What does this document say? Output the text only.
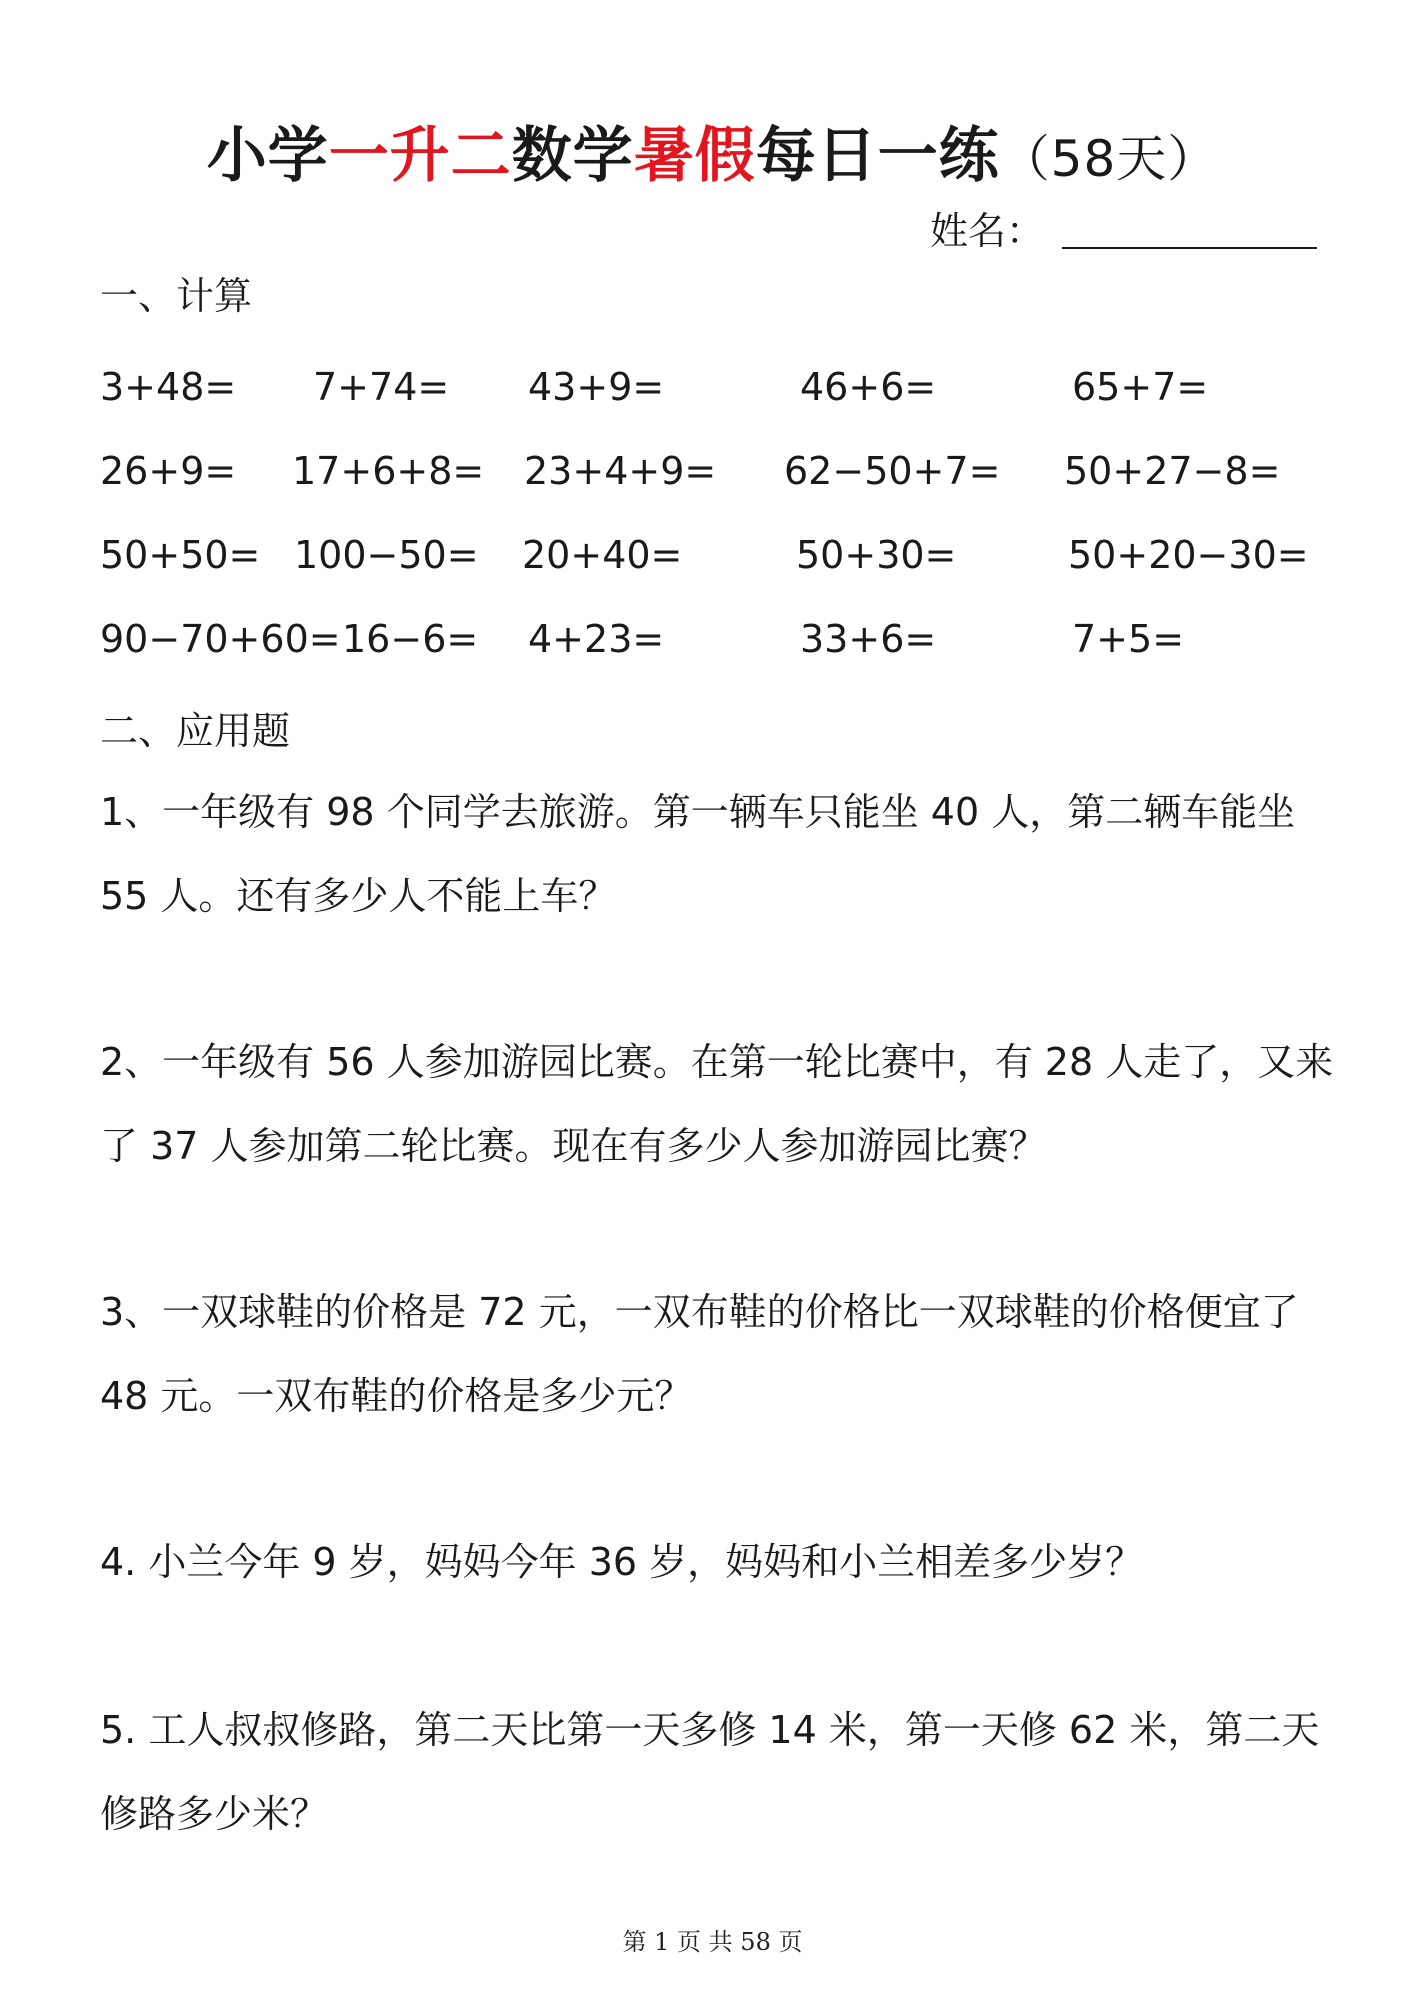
小学一升二数学暑假每日一练（58天）
姓名：
一、计算
3+48= 7+74= 43+9=	46+6=	65+7=
26+9= 17+6+8= 23+4+9= 62−50+7= 50+27−8=
50+50= 100−50= 20+40=	50+30=	50+20−30=
90−70+60= 16−6= 4+23=	33+6=	7+5=
二、应用题
1、一年级有 98 个同学去旅游。第一辆车只能坐 40 人，第二辆车能坐
55 人。还有多少人不能上车？
2、一年级有 56 人参加游园比赛。在第一轮比赛中，有 28 人走了，又来
了 37 人参加第二轮比赛。现在有多少人参加游园比赛？
3、一双球鞋的价格是 72 元，一双布鞋的价格比一双球鞋的价格便宜了
48 元。一双布鞋的价格是多少元？
4. 小兰今年 9 岁，妈妈今年 36 岁，妈妈和小兰相差多少岁？
5. 工人叔叔修路，第二天比第一天多修 14 米，第一天修 62 米，第二天
修路多少米？
第 1 页 共 58 页
